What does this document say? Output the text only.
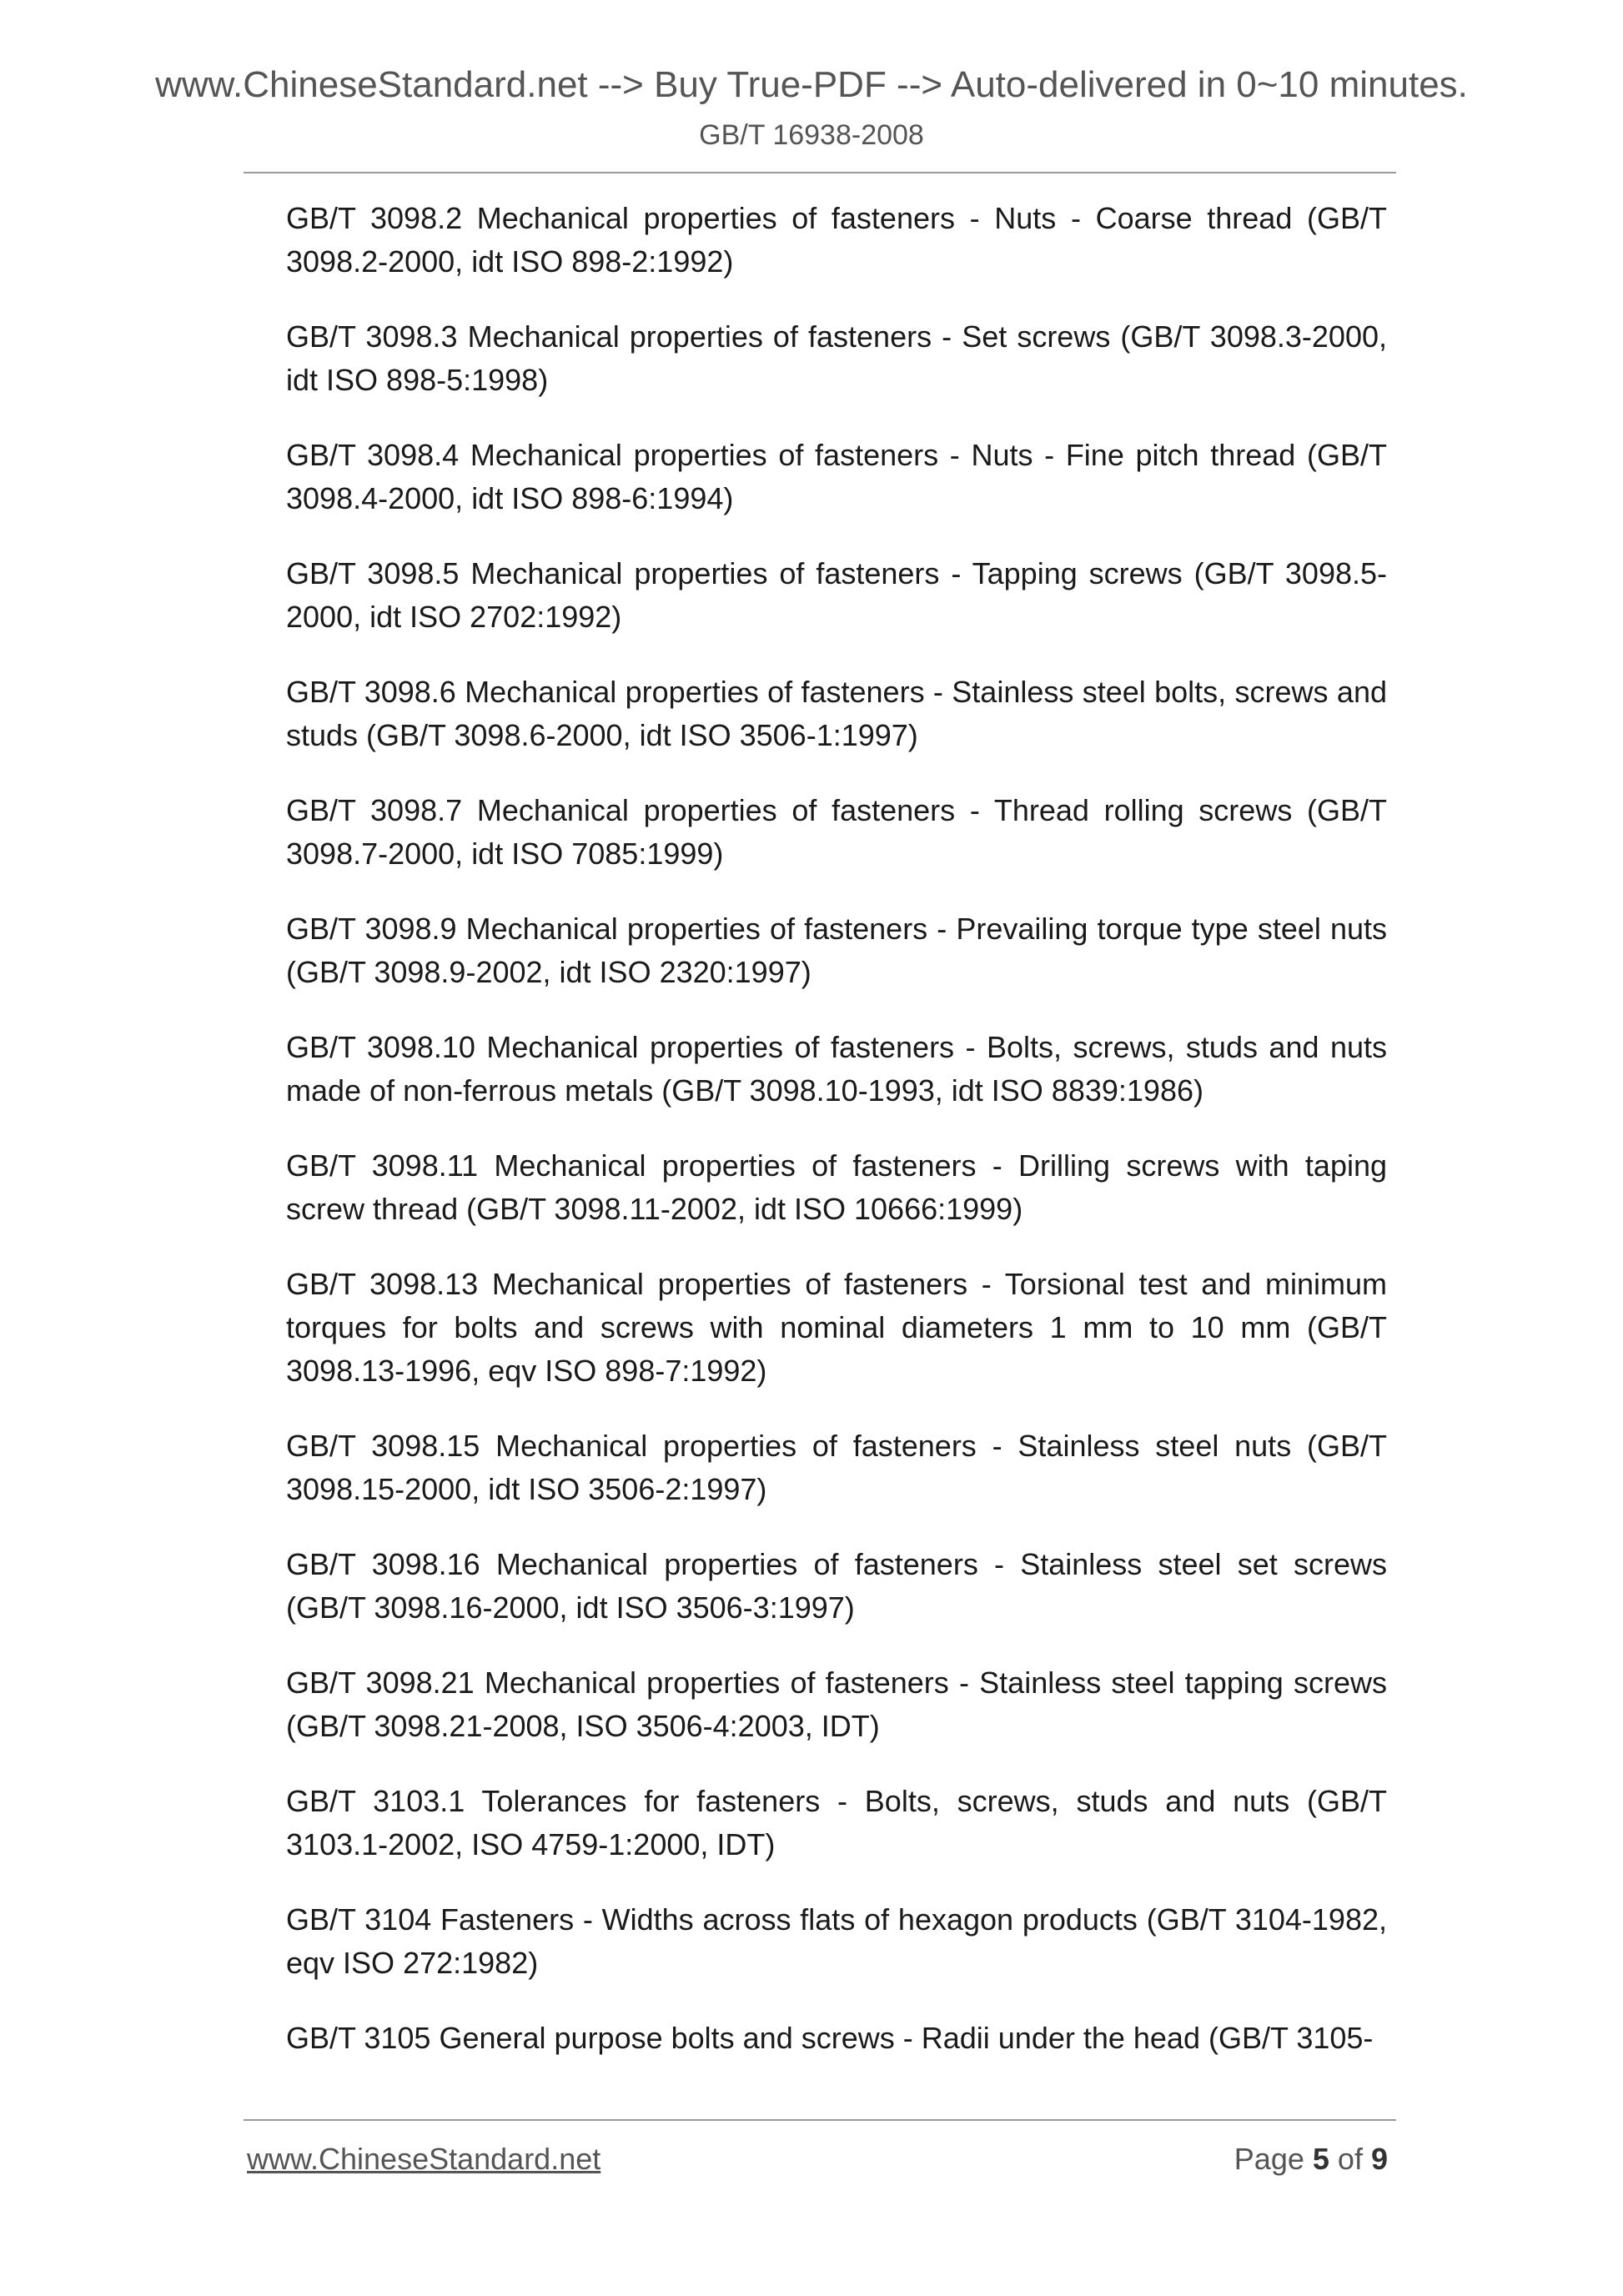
www.ChineseStandard.net --> Buy True-PDF --> Auto-delivered in 0~10 minutes.
GB/T 16938-2008

GB/T 3098.2 Mechanical properties of fasteners - Nuts - Coarse thread (GB/T 3098.2-2000, idt ISO 898-2:1992)

GB/T 3098.3 Mechanical properties of fasteners - Set screws (GB/T 3098.3-2000, idt ISO 898-5:1998)

GB/T 3098.4 Mechanical properties of fasteners - Nuts - Fine pitch thread (GB/T 3098.4-2000, idt ISO 898-6:1994)

GB/T 3098.5 Mechanical properties of fasteners - Tapping screws (GB/T 3098.5-2000, idt ISO 2702:1992)

GB/T 3098.6 Mechanical properties of fasteners - Stainless steel bolts, screws and studs (GB/T 3098.6-2000, idt ISO 3506-1:1997)

GB/T 3098.7 Mechanical properties of fasteners - Thread rolling screws (GB/T 3098.7-2000, idt ISO 7085:1999)

GB/T 3098.9 Mechanical properties of fasteners - Prevailing torque type steel nuts (GB/T 3098.9-2002, idt ISO 2320:1997)

GB/T 3098.10 Mechanical properties of fasteners - Bolts, screws, studs and nuts made of non-ferrous metals (GB/T 3098.10-1993, idt ISO 8839:1986)

GB/T 3098.11 Mechanical properties of fasteners - Drilling screws with taping screw thread (GB/T 3098.11-2002, idt ISO 10666:1999)

GB/T 3098.13 Mechanical properties of fasteners - Torsional test and minimum torques for bolts and screws with nominal diameters 1 mm to 10 mm (GB/T 3098.13-1996, eqv ISO 898-7:1992)

GB/T 3098.15 Mechanical properties of fasteners - Stainless steel nuts (GB/T 3098.15-2000, idt ISO 3506-2:1997)

GB/T 3098.16 Mechanical properties of fasteners - Stainless steel set screws (GB/T 3098.16-2000, idt ISO 3506-3:1997)

GB/T 3098.21 Mechanical properties of fasteners - Stainless steel tapping screws (GB/T 3098.21-2008, ISO 3506-4:2003, IDT)

GB/T 3103.1 Tolerances for fasteners - Bolts, screws, studs and nuts (GB/T 3103.1-2002, ISO 4759-1:2000, IDT)

GB/T 3104 Fasteners - Widths across flats of hexagon products (GB/T 3104-1982, eqv ISO 272:1982)

GB/T 3105 General purpose bolts and screws - Radii under the head (GB/T 3105-

www.ChineseStandard.net	Page 5 of 9
